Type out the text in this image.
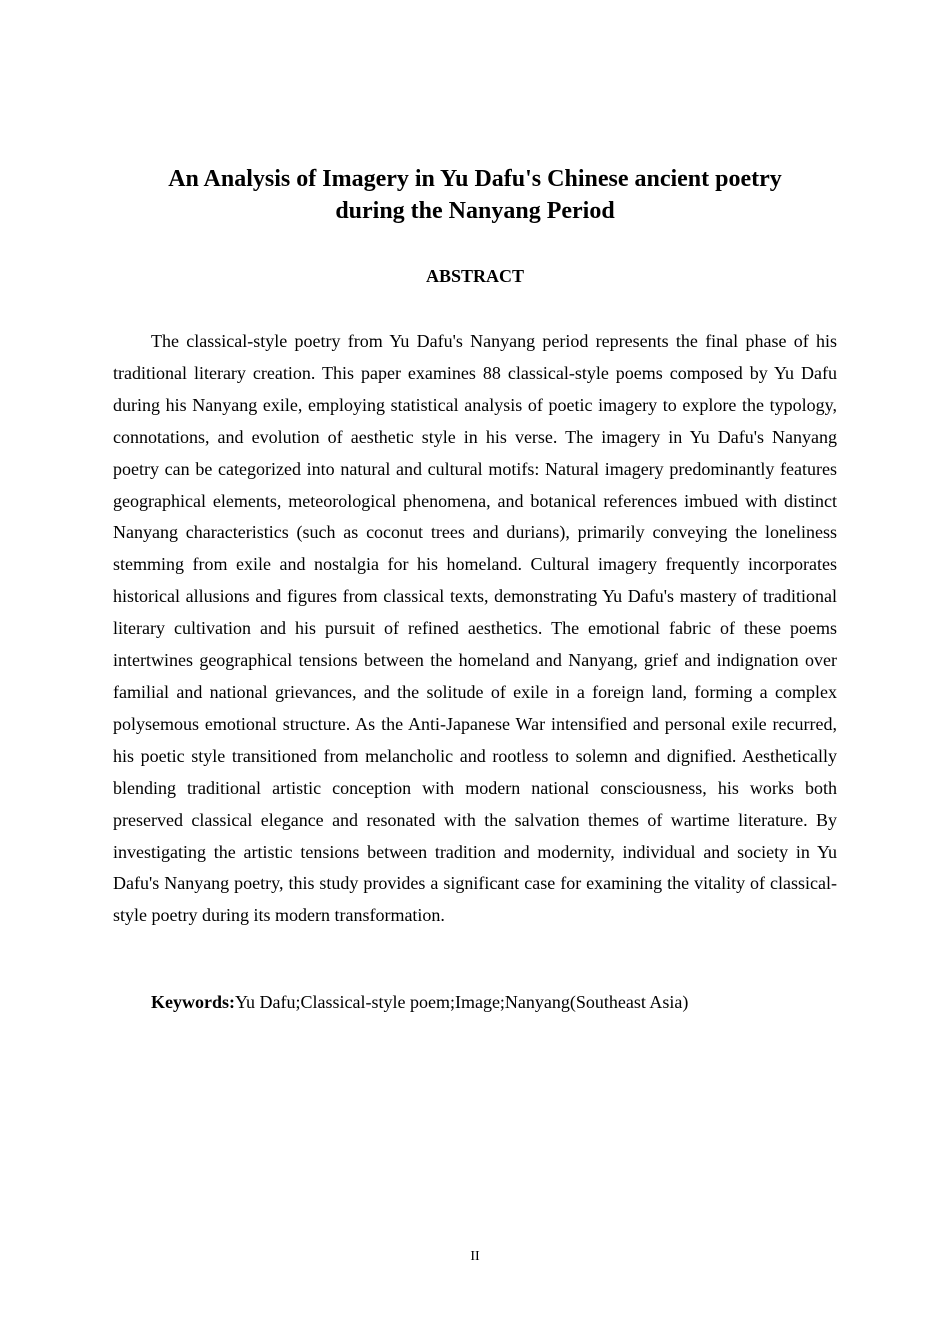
An Analysis of Imagery in Yu Dafu's Chinese ancient poetry
during the Nanyang Period
ABSTRACT

The classical-style poetry from Yu Dafu's Nanyang period represents the final phase of his traditional literary creation. This paper examines 88 classical-style poems composed by Yu Dafu during his Nanyang exile, employing statistical analysis of poetic imagery to explore the typology, connotations, and evolution of aesthetic style in his verse. The imagery in Yu Dafu's Nanyang poetry can be categorized into natural and cultural motifs: Natural imagery predominantly features geographical elements, meteorological phenomena, and botanical references imbued with distinct Nanyang characteristics (such as coconut trees and durians), primarily conveying the loneliness stemming from exile and nostalgia for his homeland. Cultural imagery frequently incorporates historical allusions and figures from classical texts, demonstrating Yu Dafu's mastery of traditional literary cultivation and his pursuit of refined aesthetics. The emotional fabric of these poems intertwines geographical tensions between the homeland and Nanyang, grief and indignation over familial and national grievances, and the solitude of exile in a foreign land, forming a complex polysemous emotional structure. As the Anti-Japanese War intensified and personal exile recurred, his poetic style transitioned from melancholic and rootless to solemn and dignified. Aesthetically blending traditional artistic conception with modern national consciousness, his works both preserved classical elegance and resonated with the salvation themes of wartime literature. By investigating the artistic tensions between tradition and modernity, individual and society in Yu Dafu's Nanyang poetry, this study provides a significant case for examining the vitality of classical-style poetry during its modern transformation.

Keywords:Yu Dafu;Classical-style poem;Image;Nanyang(Southeast Asia)

II
